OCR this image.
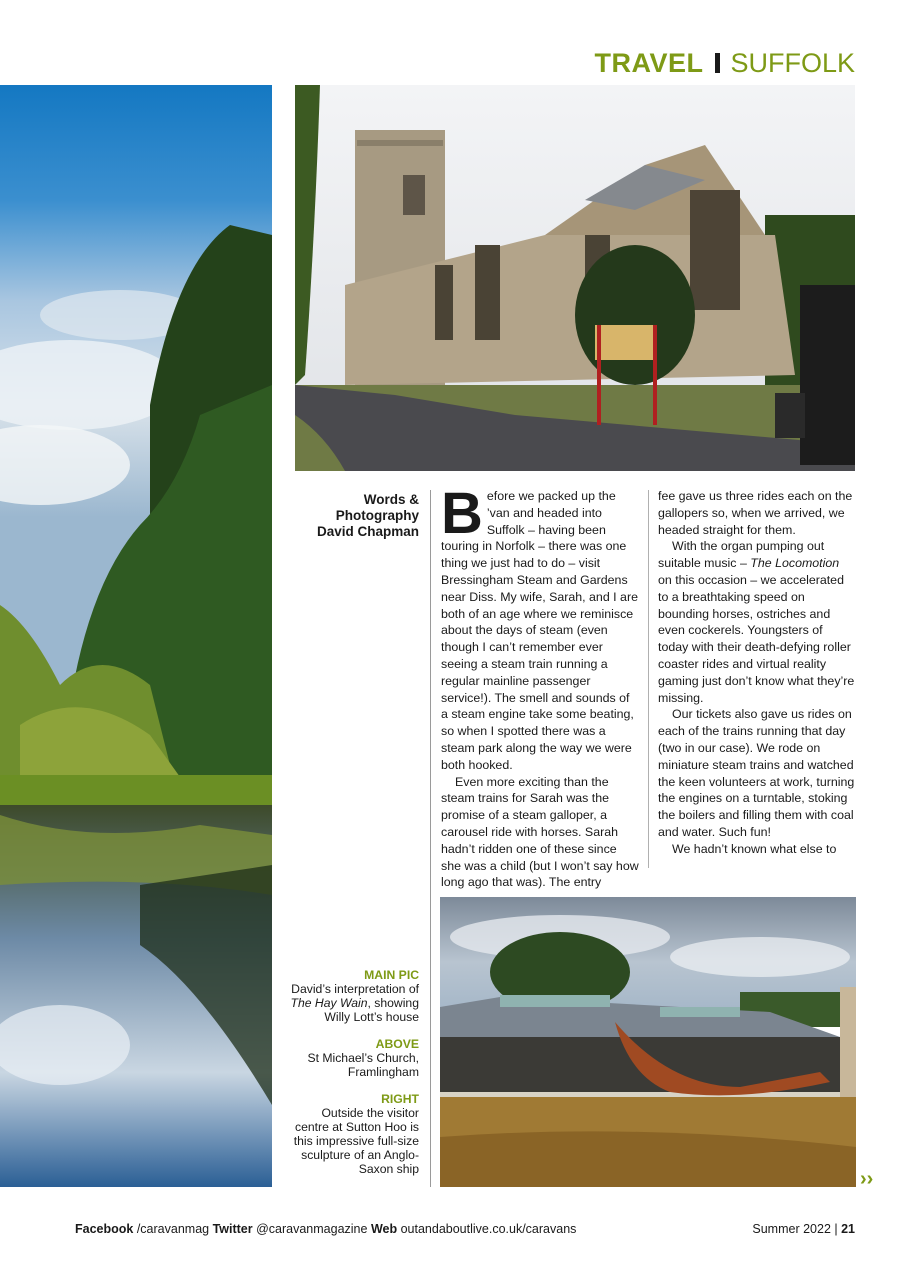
TRAVEL SUFFOLK
Words &
Photography
David Chapman B efore we packed up the ’van and headed into Suffolk – having been touring in Norfolk – there was one thing we just had to do – visit Bressingham Steam and Gardens near Diss. My wife, Sarah, and I are both of an age where we reminisce about the days of steam (even though I can’t remember ever seeing a steam train running a regular mainline passenger service!). The smell and sounds of a steam engine take some beating, so when I spotted there was a steam park along the way we were both hooked.

Even more exciting than the steam trains for Sarah was the promise of a steam galloper, a carousel ride with horses. Sarah hadn’t ridden one of these since she was a child (but I won’t say how long ago that was). The entry

fee gave us three rides each on the gallopers so, when we arrived, we headed straight for them.

With the organ pumping out suitable music – The Locomotion on this occasion – we accelerated to a breathtaking speed on bounding horses, ostriches and even cockerels. Youngsters of today with their death-defying roller coaster rides and virtual reality gaming just don’t know what they’re missing.

Our tickets also gave us rides on each of the trains running that day (two in our case). We rode on miniature steam trains and watched the keen volunteers at work, turning the engines on a turntable, stoking the boilers and filling them with coal and water. Such fun!

We hadn’t known what else to

MAIN PIC
David’s interpretation of The Hay Wain, showing Willy Lott’s house
ABOVE
St Michael’s Church, Framlingham
RIGHT
Outside the visitor centre at Sutton Hoo is this impressive full-size sculpture of an Anglo-Saxon ship	››
Facebook /caravanmag Twitter @caravanmagazine Web outandaboutlive.co.uk/caravans	Summer 2022 | 21
